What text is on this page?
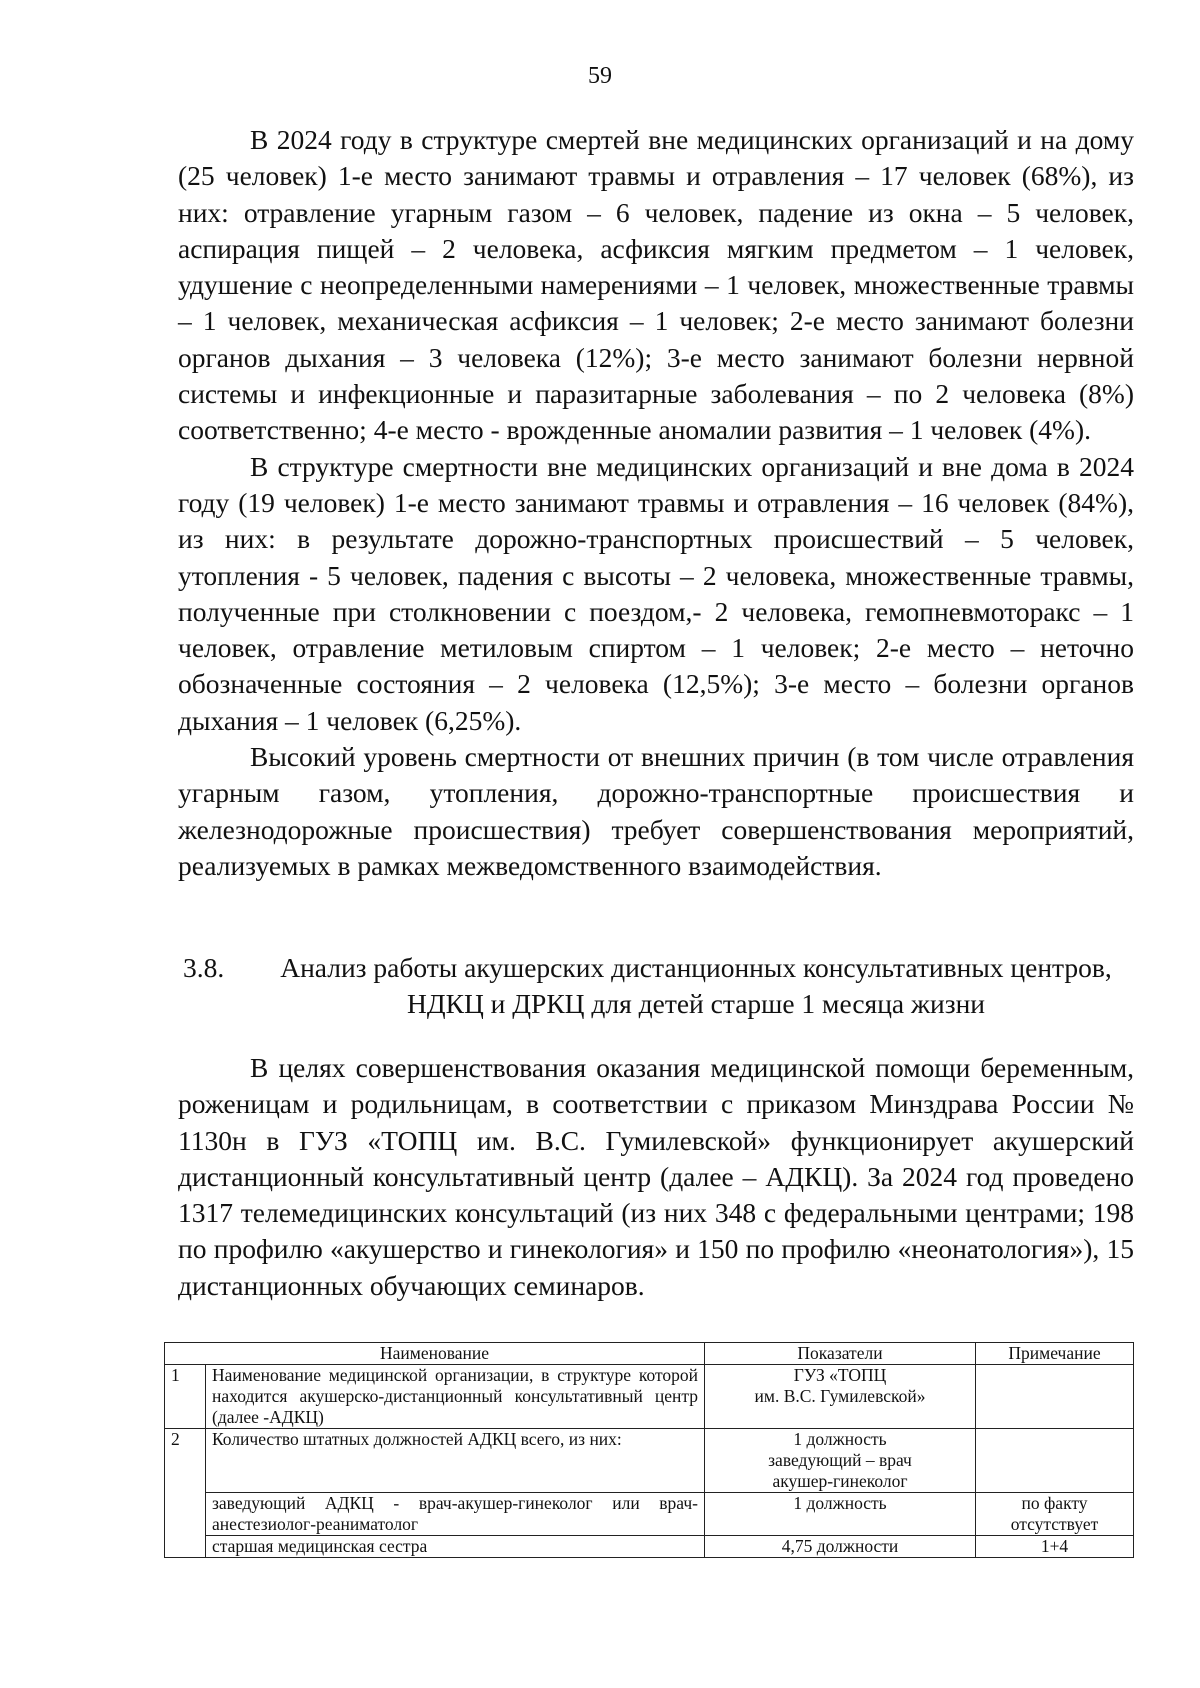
59

В 2024 году в структуре смертей вне медицинских организаций и на дому (25 человек) 1-е место занимают травмы и отравления – 17 человек (68%), из них: отравление угарным газом – 6 человек, падение из окна – 5 человек, аспирация пищей – 2 человека, асфиксия мягким предметом – 1 человек, удушение с неопределенными намерениями – 1 человек, множественные травмы – 1 человек, механическая асфиксия – 1 человек; 2-е место занимают болезни органов дыхания – 3 человека (12%); 3-е место занимают болезни нервной системы и инфекционные и паразитарные заболевания – по 2 человека (8%) соответственно; 4-е место - врожденные аномалии развития – 1 человек (4%).

В структуре смертности вне медицинских организаций и вне дома в 2024 году (19 человек) 1-е место занимают травмы и отравления – 16 человек (84%), из них: в результате дорожно-транспортных происшествий – 5 человек, утопления - 5 человек, падения с высоты – 2 человека, множественные травмы, полученные при столкновении с поездом,- 2 человека, гемопневмоторакс – 1 человек, отравление метиловым спиртом – 1 человек; 2-е место – неточно обозначенные состояния – 2 человека (12,5%); 3-е место – болезни органов дыхания – 1 человек (6,25%).

Высокий уровень смертности от внешних причин (в том числе отравления угарным газом, утопления, дорожно-транспортные происшествия и железнодорожные происшествия) требует совершенствования мероприятий, реализуемых в рамках межведомственного взаимодействия.

3.8.	Анализ работы акушерских дистанционных консультативных центров,
НДКЦ и ДРКЦ для детей старше 1 месяца жизни

В целях совершенствования оказания медицинской помощи беременным, роженицам и родильницам, в соответствии с приказом Минздрава России № 1130н в ГУЗ «ТОПЦ им. В.С. Гумилевской» функционирует акушерский дистанционный консультативный центр (далее – АДКЦ). За 2024 год проведено 1317 телемедицинских консультаций (из них 348 с федеральными центрами; 198 по профилю «акушерство и гинекология» и 150 по профилю «неонатология»), 15 дистанционных обучающих семинаров.

Наименование		Показатели	Примечание
1	Наименование медицинской организации, в структуре которой находится акушерско-дистанционный консультативный центр (далее -АДКЦ)	ГУЗ «ТОПЦ
им. В.С. Гумилевской»	

2	Количество штатных должностей АДКЦ всего, из них:	1 должность
заведующий – врач
акушер-гинеколог	

	заведующий АДКЦ - врач-акушер-гинеколог или врач-анестезиолог-реаниматолог	1 должность	по факту
отсутствует

	старшая медицинская сестра	4,75 должности	1+4
